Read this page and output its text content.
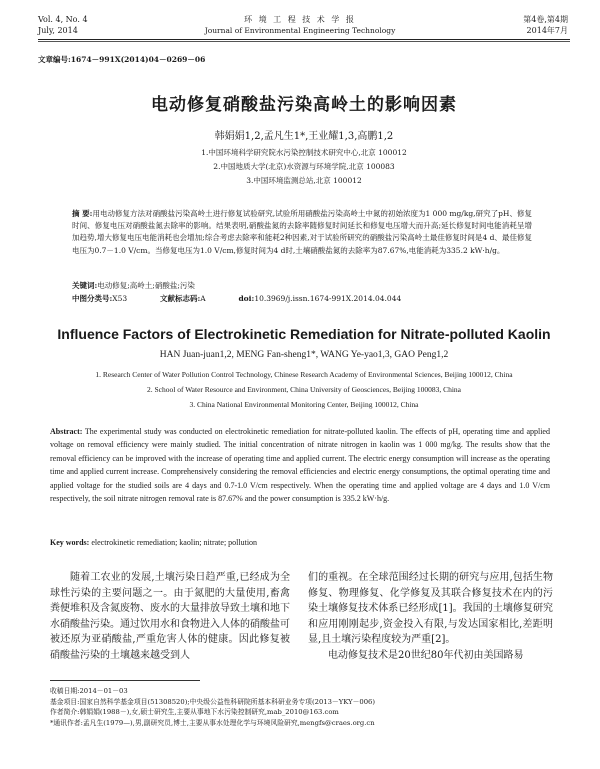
Vol. 4, No. 4
July, 2014
环 境 工 程 技 术 学 报
Journal of Environmental Engineering Technology
第4卷,第4期
2014年7月
文章编号:1674－991X(2014)04－0269－06
电动修复硝酸盐污染高岭土的影响因素
韩娟娟1,2,孟凡生1*,王业耀1,3,高鹏1,2
1.中国环境科学研究院水污染控制技术研究中心,北京 100012
2.中国地质大学(北京)水资源与环境学院,北京 100083
3.中国环境监测总站,北京 100012
摘 要:用电动修复方法对硝酸盐污染高岭土进行修复试验研究,试验所用硝酸盐污染高岭土中氮的初始浓度为1 000 mg/kg,研究了pH、修复时间、修复电压对硝酸盐氮去除率的影响。结果表明,硝酸盐氮的去除率随修复时间延长和修复电压增大而升高;延长修复时间电能消耗呈增加趋势,增大修复电压电能消耗也会增加;综合考虑去除率和能耗2种因素,对于试验所研究的硝酸盐污染高岭土最佳修复时间是4 d、最佳修复电压为0.7－1.0 V/cm。当修复电压为1.0 V/cm,修复时间为4 d时,土壤硝酸盐氮的去除率为87.67%,电能消耗为335.2 kW·h/g。
关键词:电动修复;高岭土;硝酸盐;污染
中图分类号:X53	文献标志码:A	doi:10.3969/j.issn.1674-991X.2014.04.044
Influence Factors of Electrokinetic Remediation for Nitrate-polluted Kaolin
HAN Juan-juan1,2, MENG Fan-sheng1*, WANG Ye-yao1,3, GAO Peng1,2
1. Research Center of Water Pollution Control Technology, Chinese Research Academy of Environmental Sciences, Beijing 100012, China
2. School of Water Resource and Environment, China University of Geosciences, Beijing 100083, China
3. China National Environmental Monitoring Center, Beijing 100012, China
Abstract: The experimental study was conducted on electrokinetic remediation for nitrate-polluted kaolin. The effects of pH, operating time and applied voltage on removal efficiency were mainly studied. The initial concentration of nitrate nitrogen in kaolin was 1 000 mg/kg. The results show that the removal efficiency can be improved with the increase of operating time and applied current. The electric energy consumption will increase as the operating time and applied current increase. Comprehensively considering the removal efficiencies and electric energy consumptions, the optimal operating time and applied voltage for the studied soils are 4 days and 0.7-1.0 V/cm respectively. When the operating time and applied voltage are 4 days and 1.0 V/cm respectively, the soil nitrate nitrogen removal rate is 87.67% and the power consumption is 335.2 kW·h/g.
Key words: electrokinetic remediation; kaolin; nitrate; pollution
随着工农业的发展,土壤污染日趋严重,已经成为全球性污染的主要问题之一。由于氮肥的大量使用,畜禽粪便堆积及含氮废物、废水的大量排放导致土壤和地下水硝酸盐污染。通过饮用水和食物进入人体的硝酸盐可被还原为亚硝酸盐,严重危害人体的健康。因此修复被硝酸盐污染的土壤越来越受到人
们的重视。在全球范围经过长期的研究与应用,包括生物修复、物理修复、化学修复及其联合修复技术在内的污染土壤修复技术体系已经形成[1]。我国的土壤修复研究和应用刚刚起步,资金投入有限,与发达国家相比,差距明显,且土壤污染程度较为严重[2]。
电动修复技术是20世纪80年代初由美国路易
收稿日期:2014－01－03
基金项目:国家自然科学基金项目(51308520);中央级公益性科研院所基本科研业务专项(2013－YKY－006)
作者简介:韩娟娟(1988－),女,硕士研究生,主要从事地下水污染控制研究,mab_2010@163.com
*通讯作者:孟凡生(1979—),男,副研究员,博士,主要从事水处理化学与环境风险研究,mengfs@craes.org.cn
